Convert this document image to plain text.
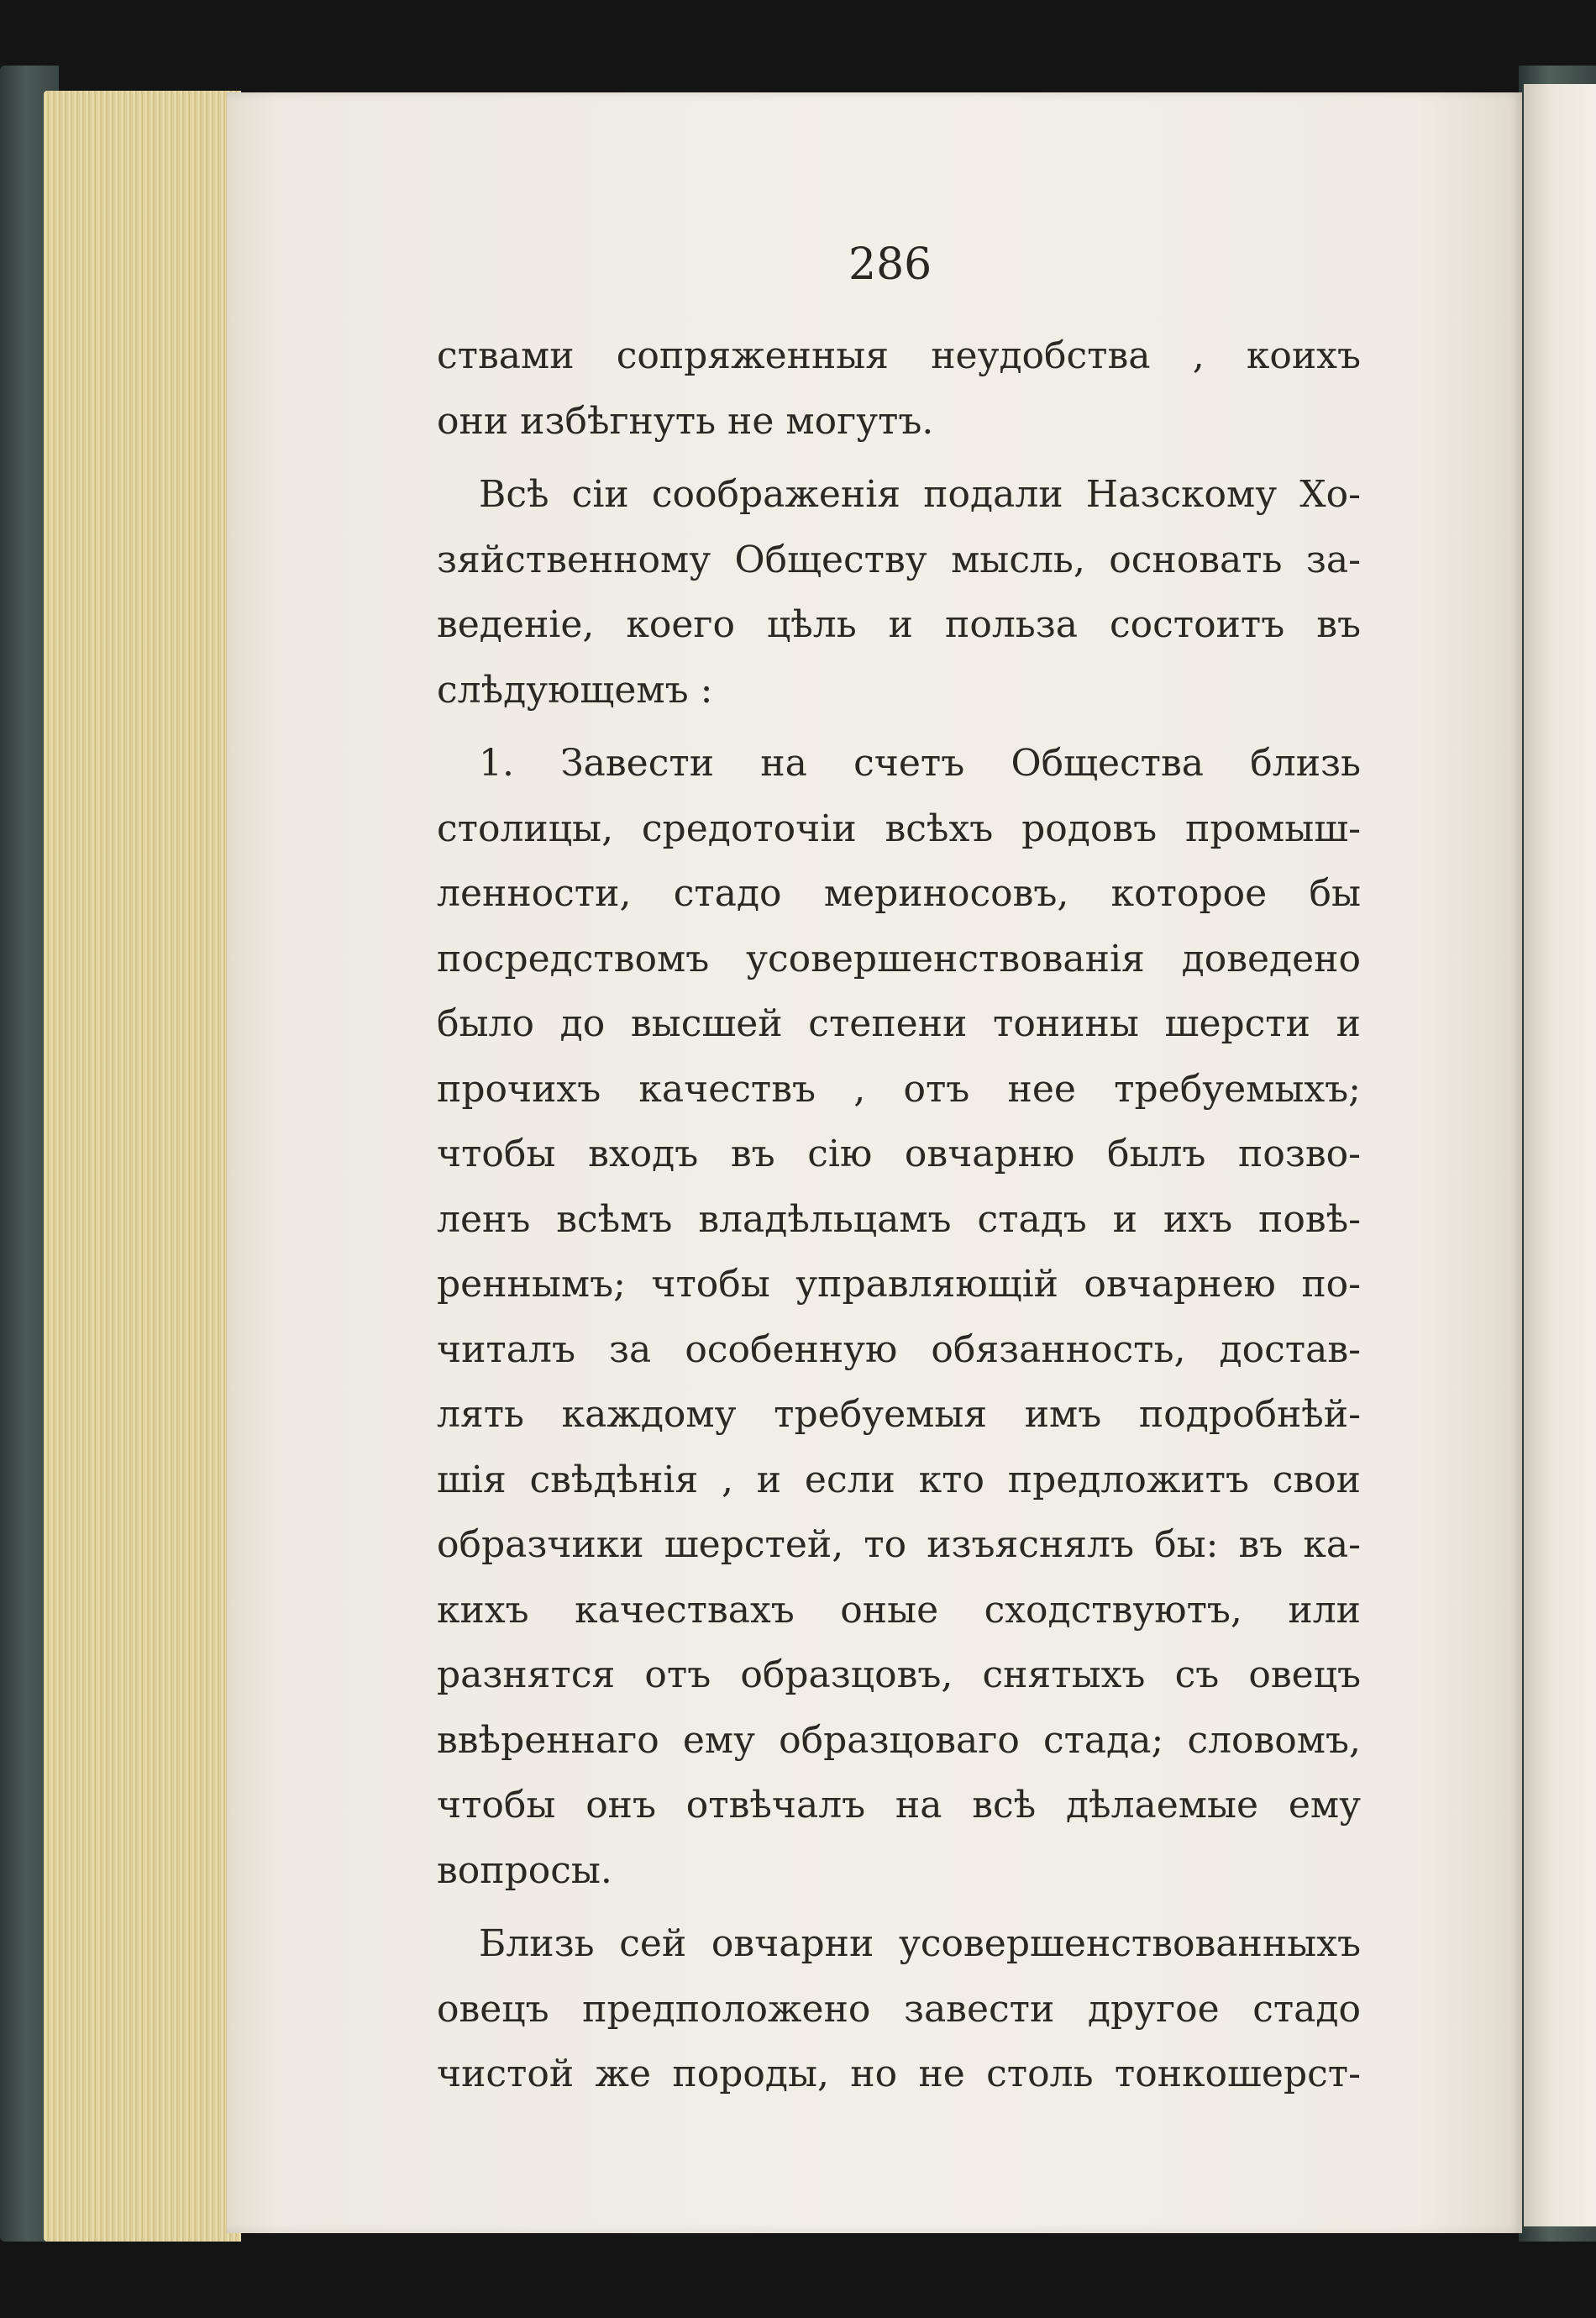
286
ствами сопряженныя неудобства , коихъ
они избѣгнуть не могутъ.
Всѣ сіи соображенія подали Назскому Хо-
зяйственному Обществу мысль, основать за-
веденіе, коего цѣль и польза состоитъ въ
слѣдующемъ :
1. Завести на счетъ Общества близь
столицы, средоточіи всѣхъ родовъ промыш-
ленности, стадо мериносовъ, которое бы
посредствомъ усовершенствованія доведено
было до высшей степени тонины шерсти и
прочихъ качествъ , отъ нее требуемыхъ;
чтобы входъ въ сію овчарню былъ позво-
ленъ всѣмъ владѣльцамъ стадъ и ихъ повѣ-
реннымъ; чтобы управляющій овчарнею по-
читалъ за особенную обязанность, достав-
лять каждому требуемыя имъ подробнѣй-
шія свѣдѣнія , и если кто предложитъ свои
образчики шерстей, то изъяснялъ бы: въ ка-
кихъ качествахъ оные сходствуютъ, или
разнятся отъ образцовъ, снятыхъ съ овецъ
ввѣреннаго ему образцоваго стада; словомъ,
чтобы онъ отвѣчалъ на всѣ дѣлаемые ему
вопросы.
Близь сей овчарни усовершенствованныхъ
овецъ предположено завести другое стадо
чистой же породы, но не столь тонкошерст-
